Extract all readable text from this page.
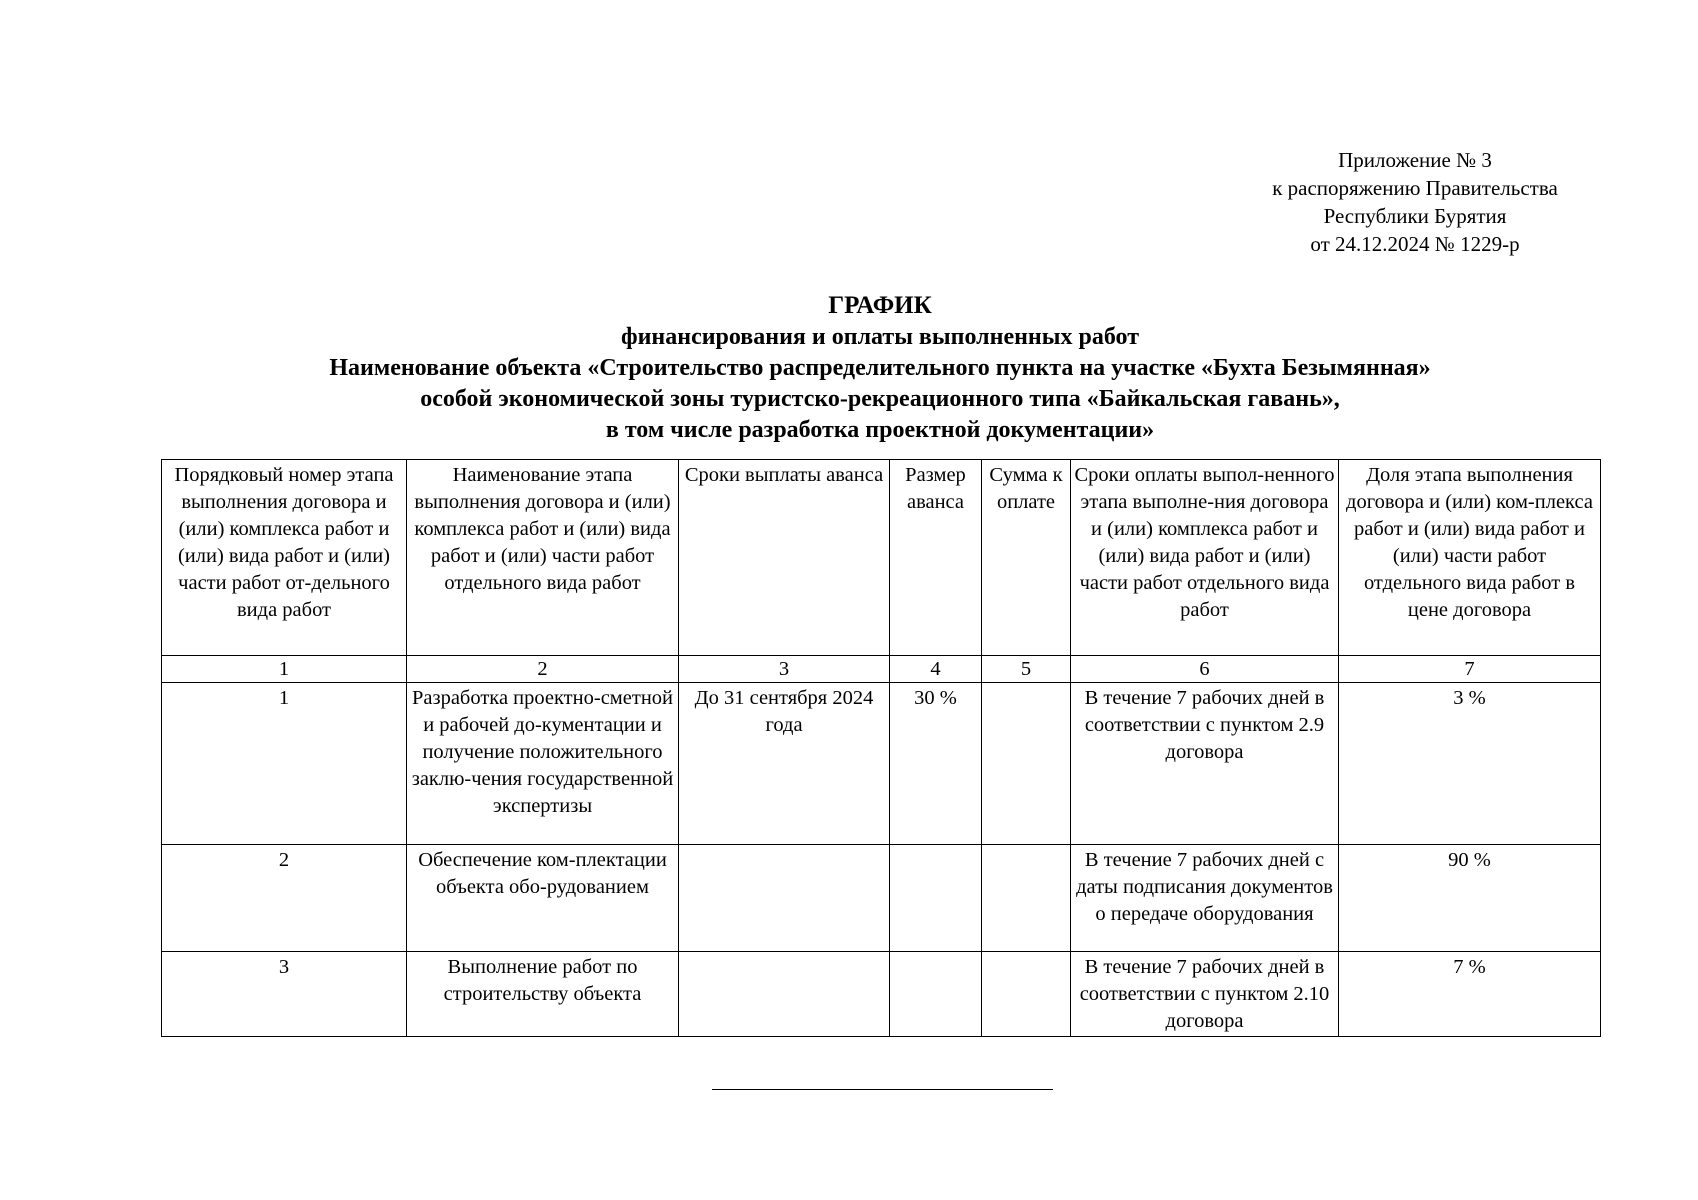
Приложение № 3
к распоряжению Правительства
Республики Бурятия
от 24.12.2024 № 1229-р
ГРАФИК
финансирования и оплаты выполненных работ
Наименование объекта «Строительство распределительного пункта на участке «Бухта Безымянная»
особой экономической зоны туристско-рекреационного типа «Байкальская гавань»,
в том числе разработка проектной документации»
Порядковый номер этапа выполнения договора и (или) комплекса работ и (или) вида работ и (или) части работ от-дельного вида работ	Наименование этапа выполнения договора и (или) комплекса работ и (или) вида работ и (или) части работ отдельного вида работ	Сроки выплаты аванса	Размер аванса	Сумма к оплате	Сроки оплаты выпол-ненного этапа выполне-ния договора и (или) комплекса работ и (или) вида работ и (или) части работ отдельного вида работ	Доля этапа выполнения договора и (или) ком-плекса работ и (или) вида работ и (или) части работ отдельного вида работ в цене договора
1	2	3	4	5	6	7
1	Разработка проектно-сметной и рабочей до-кументации и получение положительного заклю-чения государственной экспертизы	До 31 сентября 2024 года	30 %		В течение 7 рабочих дней в соответствии с пунктом 2.9 договора	3 %
2	Обеспечение ком-плектации объекта обо-рудованием				В течение 7 рабочих дней с даты подписания документов о передаче оборудования	90 %
3	Выполнение работ по строительству объекта				В течение 7 рабочих дней в соответствии с пунктом 2.10 договора	7 %
